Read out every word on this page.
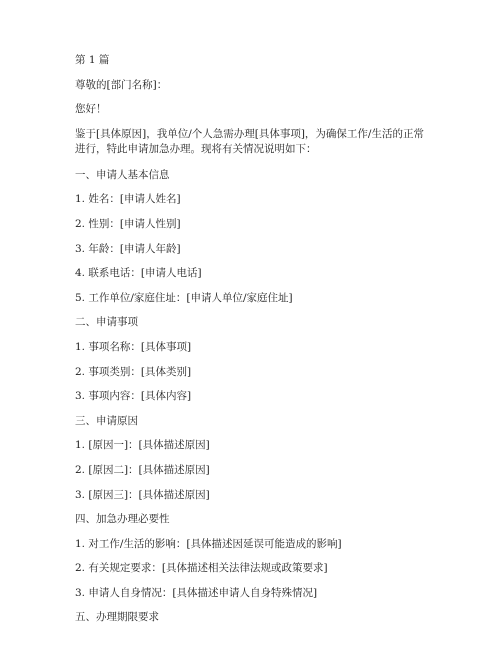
第 1 篇

尊敬的[部门名称]：

您好！

鉴于[具体原因]，我单位/个人急需办理[具体事项]，为确保工作/生活的正常进行，特此申请加急办理。现将有关情况说明如下：

一、申请人基本信息

1. 姓名：[申请人姓名]

2. 性别：[申请人性别]

3. 年龄：[申请人年龄]

4. 联系电话：[申请人电话]

5. 工作单位/家庭住址：[申请人单位/家庭住址]

二、申请事项

1. 事项名称：[具体事项]

2. 事项类别：[具体类别]

3. 事项内容：[具体内容]

三、申请原因

1. [原因一]：[具体描述原因]

2. [原因二]：[具体描述原因]

3. [原因三]：[具体描述原因]

四、加急办理必要性

1. 对工作/生活的影响：[具体描述因延误可能造成的影响]

2. 有关规定要求：[具体描述相关法律法规或政策要求]

3. 申请人自身情况：[具体描述申请人自身特殊情况]

五、办理期限要求
